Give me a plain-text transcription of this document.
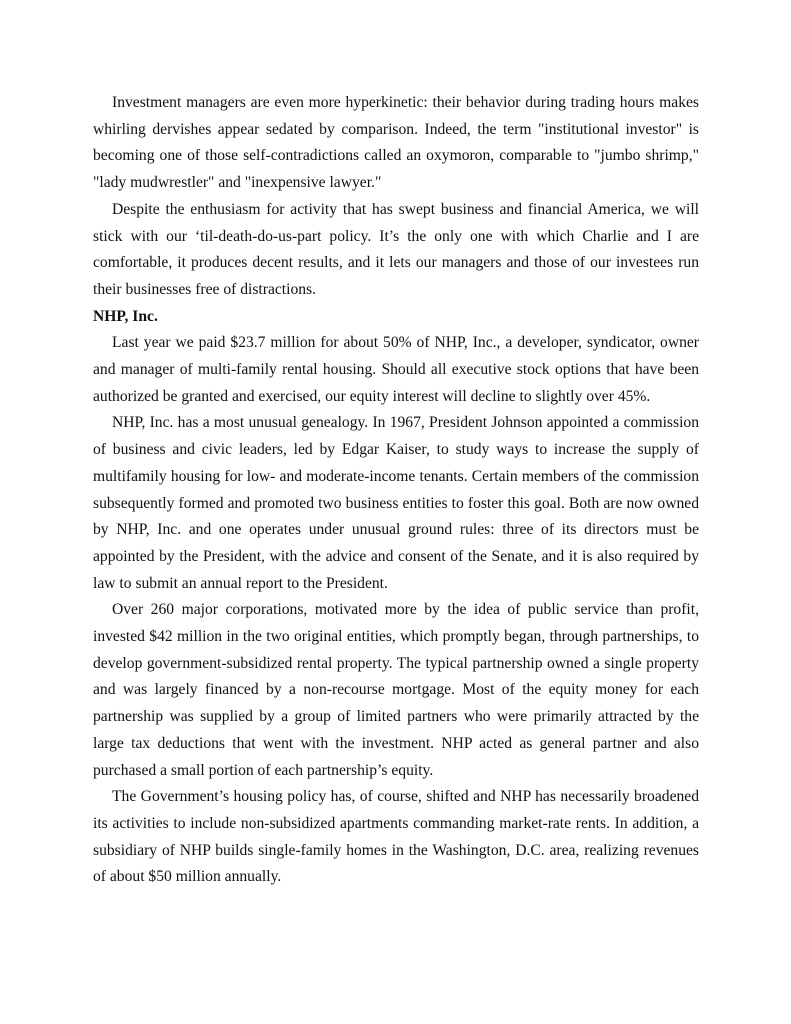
Investment managers are even more hyperkinetic: their behavior during trading hours makes whirling dervishes appear sedated by comparison. Indeed, the term "institutional investor" is becoming one of those self-contradictions called an oxymoron, comparable to "jumbo shrimp," "lady mudwrestler" and "inexpensive lawyer."

Despite the enthusiasm for activity that has swept business and financial America, we will stick with our ‘til-death-do-us-part policy. It’s the only one with which Charlie and I are comfortable, it produces decent results, and it lets our managers and those of our investees run their businesses free of distractions.

NHP, Inc.

Last year we paid $23.7 million for about 50% of NHP, Inc., a developer, syndicator, owner and manager of multi-family rental housing. Should all executive stock options that have been authorized be granted and exercised, our equity interest will decline to slightly over 45%.

NHP, Inc. has a most unusual genealogy. In 1967, President Johnson appointed a commission of business and civic leaders, led by Edgar Kaiser, to study ways to increase the supply of multifamily housing for low- and moderate-income tenants. Certain members of the commission subsequently formed and promoted two business entities to foster this goal. Both are now owned by NHP, Inc. and one operates under unusual ground rules: three of its directors must be appointed by the President, with the advice and consent of the Senate, and it is also required by law to submit an annual report to the President.

Over 260 major corporations, motivated more by the idea of public service than profit, invested $42 million in the two original entities, which promptly began, through partnerships, to develop government-subsidized rental property. The typical partnership owned a single property and was largely financed by a non-recourse mortgage. Most of the equity money for each partnership was supplied by a group of limited partners who were primarily attracted by the large tax deductions that went with the investment. NHP acted as general partner and also purchased a small portion of each partnership’s equity.

The Government’s housing policy has, of course, shifted and NHP has necessarily broadened its activities to include non-subsidized apartments commanding market-rate rents. In addition, a subsidiary of NHP builds single-family homes in the Washington, D.C. area, realizing revenues of about $50 million annually.
